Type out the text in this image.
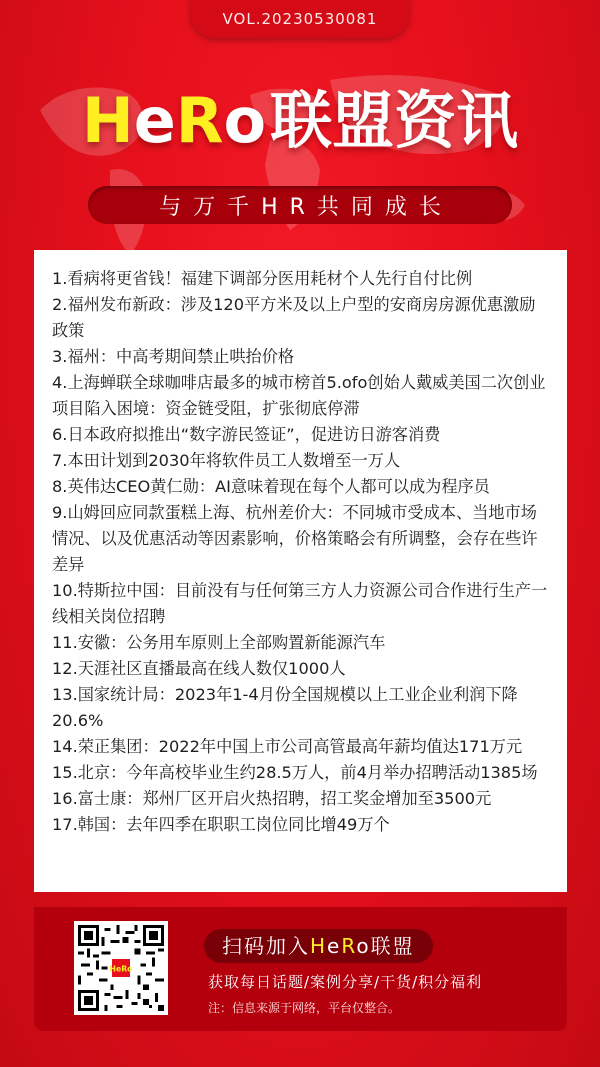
VOL.20230530081
HeRo联盟资讯
与万千HR共同成长
1.看病将更省钱！福建下调部分医用耗材个人先行自付比例
2.福州发布新政：涉及120平方米及以上户型的安商房房源优惠激励政策
3.福州：中高考期间禁止哄抬价格
4.上海蝉联全球咖啡店最多的城市榜首5.ofo创始人戴威美国二次创业项目陷入困境：资金链受阻，扩张彻底停滞
6.日本政府拟推出“数字游民签证”，促进访日游客消费
7.本田计划到2030年将软件员工人数增至一万人
8.英伟达CEO黄仁勋：AI意味着现在每个人都可以成为程序员
9.山姆回应同款蛋糕上海、杭州差价大：不同城市受成本、当地市场情况、以及优惠活动等因素影响，价格策略会有所调整，会存在些许差异
10.特斯拉中国：目前没有与任何第三方人力资源公司合作进行生产一线相关岗位招聘
11.安徽：公务用车原则上全部购置新能源汽车
12.天涯社区直播最高在线人数仅1000人
13.国家统计局：2023年1-4月份全国规模以上工业企业利润下降20.6%
14.荣正集团：2022年中国上市公司高管最高年薪均值达171万元
15.北京：今年高校毕业生约28.5万人，前4月举办招聘活动1385场
16.富士康：郑州厂区开启火热招聘，招工奖金增加至3500元
17.韩国：去年四季在职职工岗位同比增49万个
HeRo
扫码加入HeRo联盟
获取每日话题/案例分享/干货/积分福利
注：信息来源于网络，平台仅整合。
